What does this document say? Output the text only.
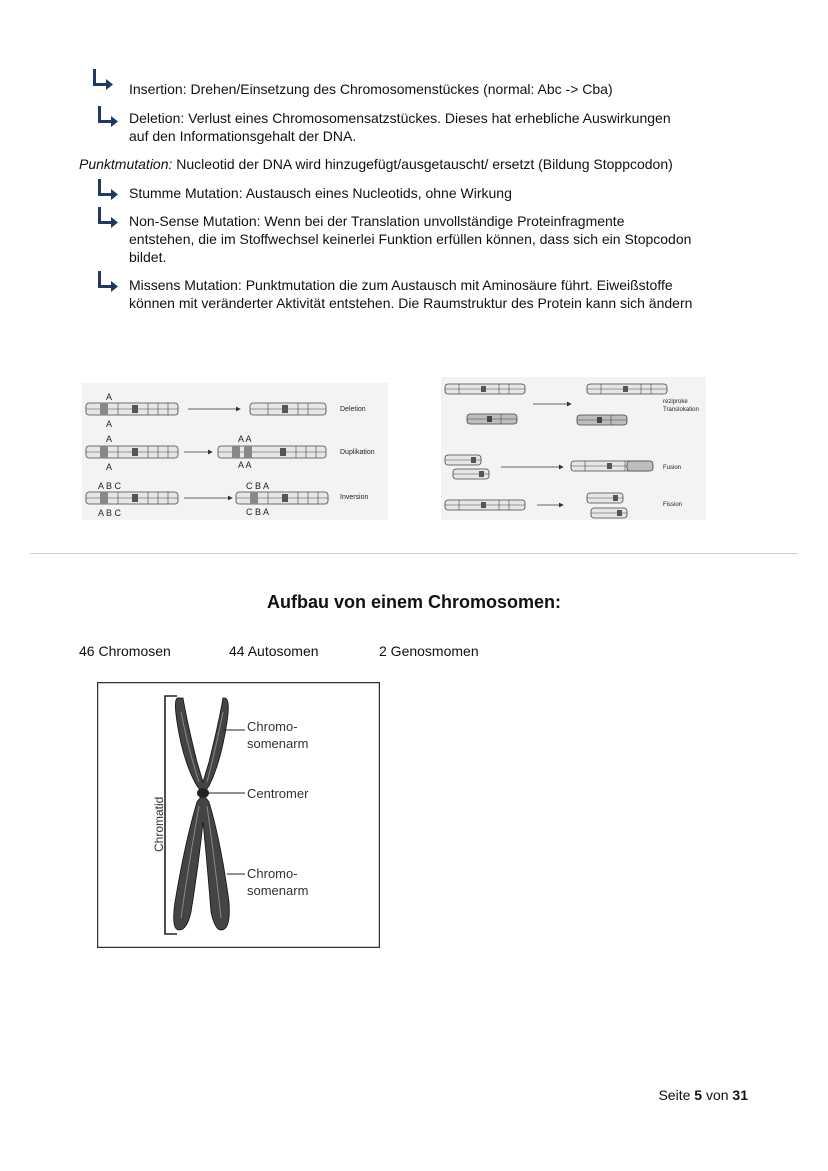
Insertion: Drehen/Einsetzung des Chromosomenstückes (normal: Abc -> Cba)
Deletion: Verlust eines Chromosomensatzstückes. Dieses hat erhebliche Auswirkungen
auf den Informationsgehalt der DNA.
Punktmutation: Nucleotid der DNA wird hinzugefügt/ausgetauscht/ ersetzt (Bildung Stoppcodon)
Stumme Mutation: Austausch eines Nucleotids, ohne Wirkung
Non-Sense Mutation: Wenn bei der Translation unvollständige Proteinfragmente
entstehen, die im Stoffwechsel keinerlei Funktion erfüllen können, dass sich ein Stopcodon
bildet.
Missens Mutation: Punktmutation die zum Austausch mit Aminosäure führt. Eiweißstoffe
können mit veränderter Aktivität entstehen. Die Raumstruktur des Protein kann sich ändern
A
A
Deletion
A
A
A A
A A
Duplikation
A B C
A B C
C B A
C B A
Inversion
reziproke
Translokation
Fusion
Fission
Aufbau von einem Chromosomen:
46 Chromosen	44 Autosomen	2 Genosmomen
Chromatid
Chromo-
somenarm
Centromer
Chromo-
somenarm
Seite 5 von 31
